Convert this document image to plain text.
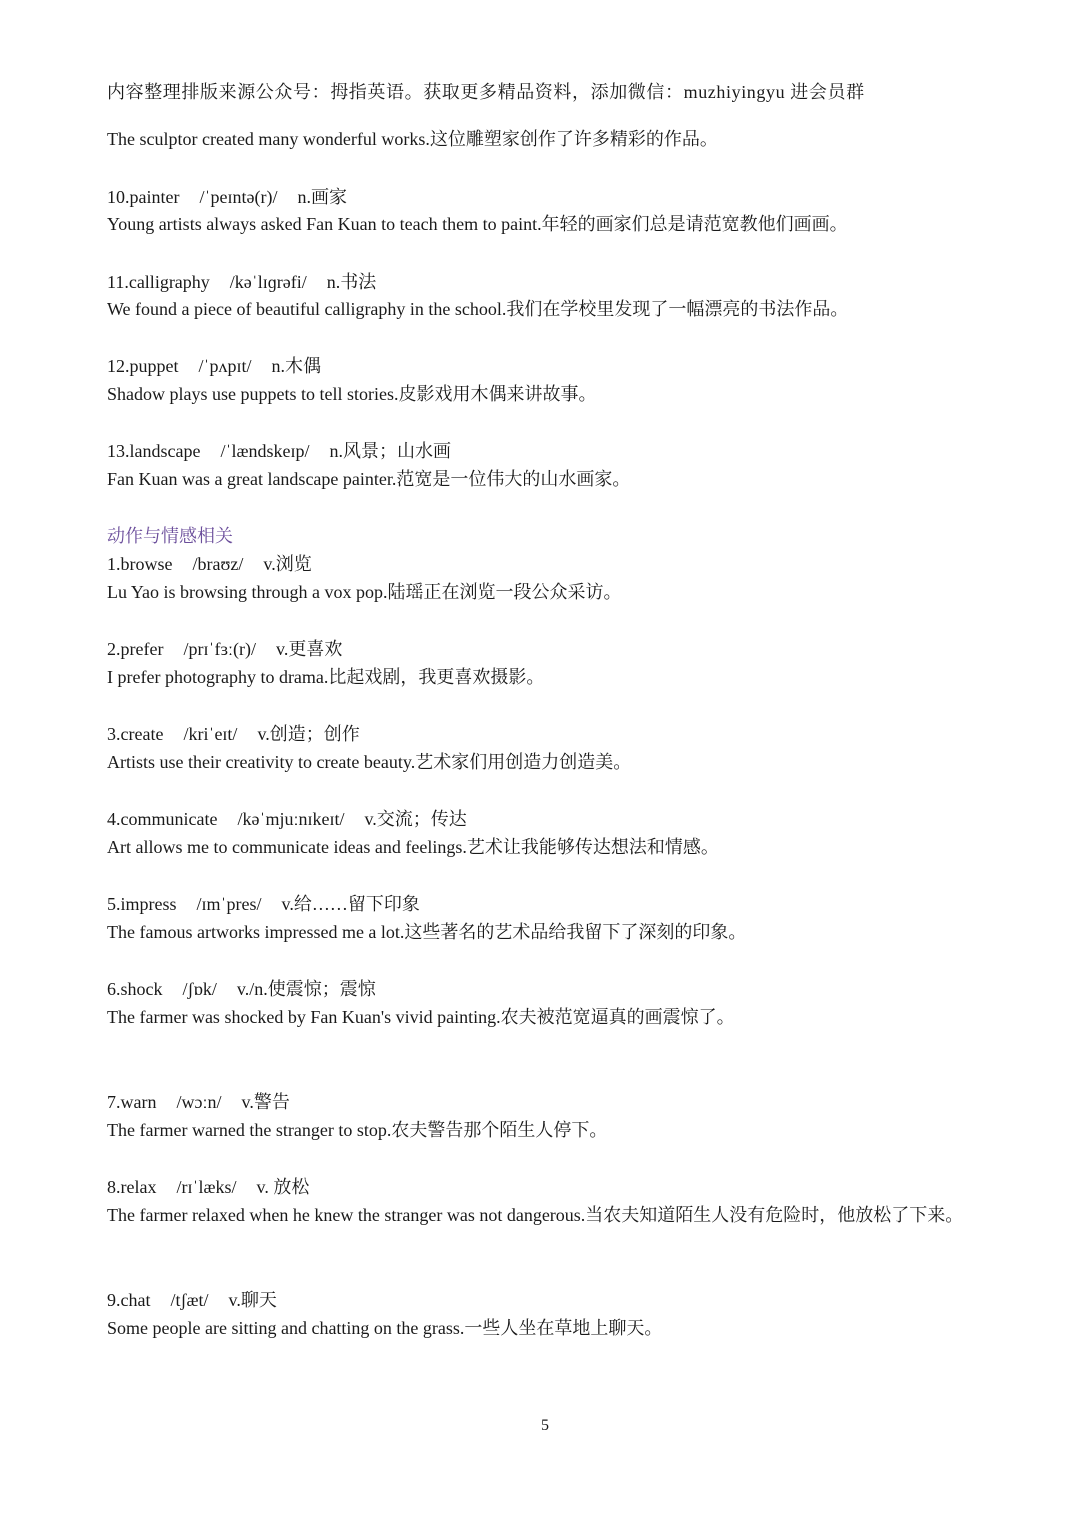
内容整理排版来源公众号：拇指英语。获取更多精品资料，添加微信：muzhiyingyu 进会员群
The sculptor created many wonderful works.这位雕塑家创作了许多精彩的作品。
10.painter /ˈpeɪntə(r)/ n.画家
Young artists always asked Fan Kuan to teach them to paint.年轻的画家们总是请范宽教他们画画。
11.calligraphy /kəˈlɪɡrəfi/ n.书法
We found a piece of beautiful calligraphy in the school.我们在学校里发现了一幅漂亮的书法作品。
12.puppet /ˈpʌpɪt/ n.木偶
Shadow plays use puppets to tell stories.皮影戏用木偶来讲故事。
13.landscape /ˈlændskeɪp/ n.风景；山水画
Fan Kuan was a great landscape painter.范宽是一位伟大的山水画家。
动作与情感相关
1.browse /braʊz/ v.浏览
Lu Yao is browsing through a vox pop.陆瑶正在浏览一段公众采访。
2.prefer /prɪˈfɜː(r)/ v.更喜欢
I prefer photography to drama.比起戏剧，我更喜欢摄影。
3.create /kriˈeɪt/ v.创造；创作
Artists use their creativity to create beauty.艺术家们用创造力创造美。
4.communicate /kəˈmjuːnɪkeɪt/ v.交流；传达
Art allows me to communicate ideas and feelings.艺术让我能够传达想法和情感。
5.impress /ɪmˈpres/ v.给……留下印象
The famous artworks impressed me a lot.这些著名的艺术品给我留下了深刻的印象。
6.shock /ʃɒk/ v./n.使震惊；震惊
The farmer was shocked by Fan Kuan's vivid painting.农夫被范宽逼真的画震惊了。
7.warn /wɔːn/ v.警告
The farmer warned the stranger to stop.农夫警告那个陌生人停下。
8.relax /rɪˈlæks/ v. 放松
The farmer relaxed when he knew the stranger was not dangerous.当农夫知道陌生人没有危险时，他放松了下来。
9.chat /tʃæt/ v.聊天
Some people are sitting and chatting on the grass.一些人坐在草地上聊天。
5
